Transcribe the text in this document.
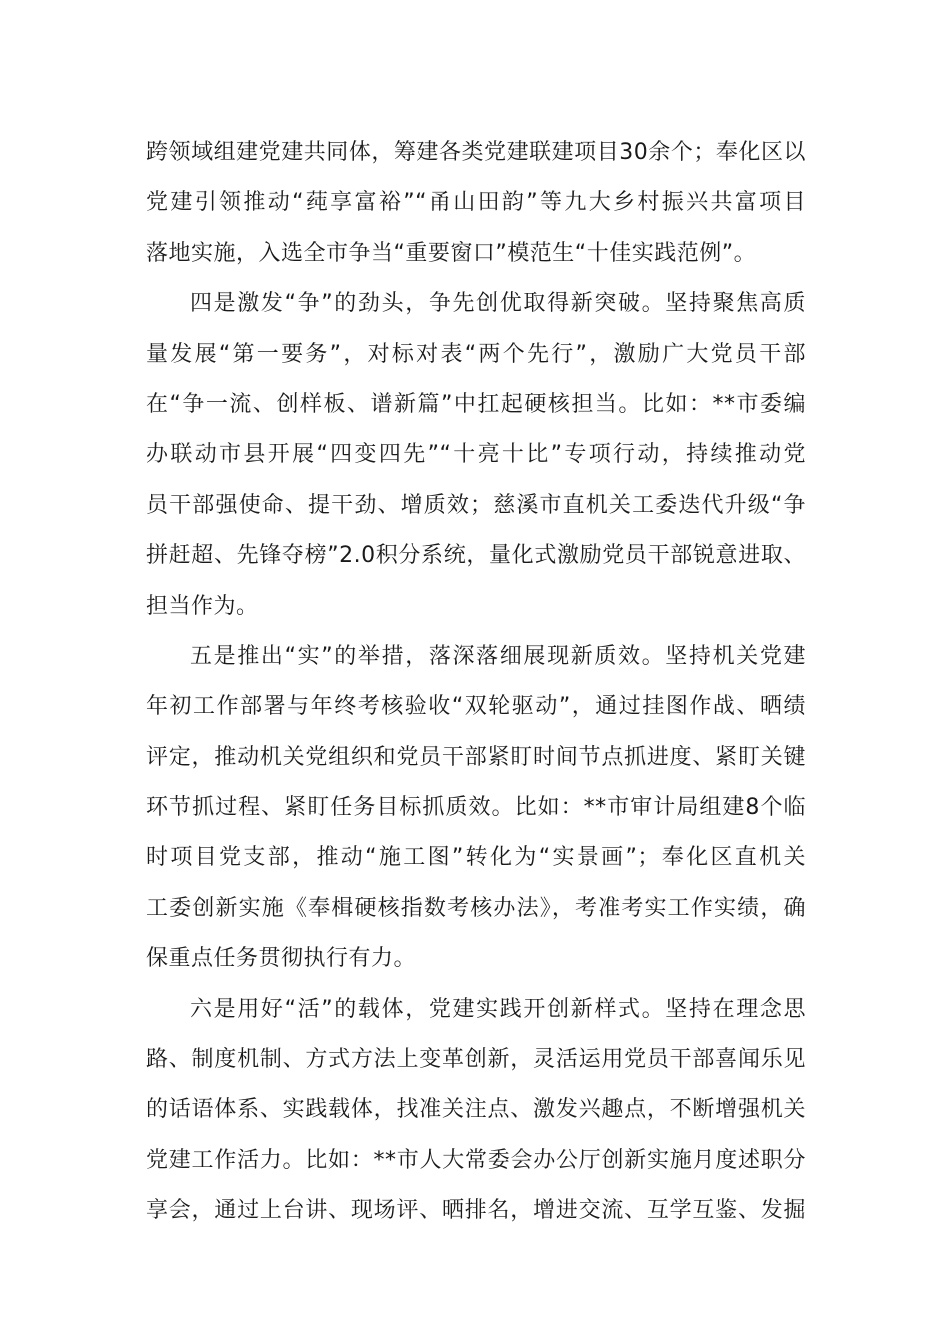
跨领域组建党建共同体，筹建各类党建联建项目30余个；奉化区以
党建引领推动“莼享富裕”“甬山田韵”等九大乡村振兴共富项目
落地实施，入选全市争当“重要窗口”模范生“十佳实践范例”。
四是激发“争”的劲头，争先创优取得新突破。坚持聚焦高质
量发展“第一要务”，对标对表“两个先行”，激励广大党员干部
在“争一流、创样板、谱新篇”中扛起硬核担当。比如：**市委编
办联动市县开展“四变四先”“十亮十比”专项行动，持续推动党
员干部强使命、提干劲、增质效；慈溪市直机关工委迭代升级“争
拼赶超、先锋夺榜”2.0积分系统，量化式激励党员干部锐意进取、
担当作为。
五是推出“实”的举措，落深落细展现新质效。坚持机关党建
年初工作部署与年终考核验收“双轮驱动”，通过挂图作战、晒绩
评定，推动机关党组织和党员干部紧盯时间节点抓进度、紧盯关键
环节抓过程、紧盯任务目标抓质效。比如：**市审计局组建8个临
时项目党支部，推动“施工图”转化为“实景画”；奉化区直机关
工委创新实施《奉楫硬核指数考核办法》，考准考实工作实绩，确
保重点任务贯彻执行有力。
六是用好“活”的载体，党建实践开创新样式。坚持在理念思
路、制度机制、方式方法上变革创新，灵活运用党员干部喜闻乐见
的话语体系、实践载体，找准关注点、激发兴趣点，不断增强机关
党建工作活力。比如：**市人大常委会办公厅创新实施月度述职分
享会，通过上台讲、现场评、晒排名，增进交流、互学互鉴、发掘
